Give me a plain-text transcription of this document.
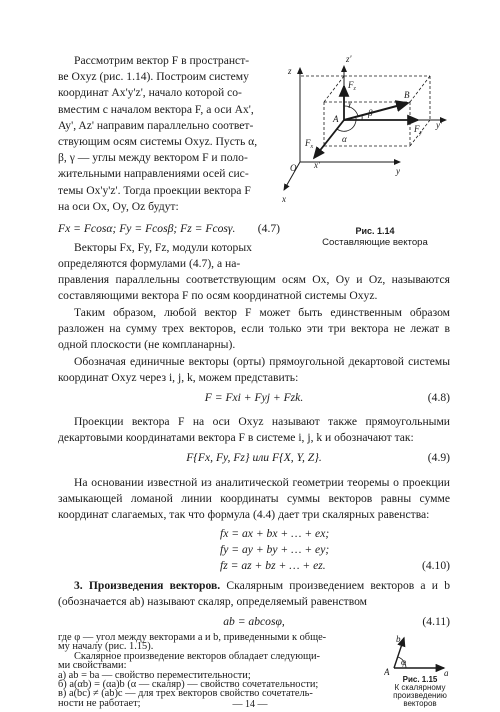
Рассмотрим вектор F в пространст-

ве Oxyz (рис. 1.14). Построим систему

координат Ax'y'z', начало которой со-

вместим с началом вектора F, а оси Ax',

Ay', Az' направим параллельно соответ-

ствующим осям системы Oxyz. Пусть α,

β, γ — углы между вектором F и поло-

жительными направлениями осей сис-

темы Ox'y'z'. Тогда проекции вектора F

на оси Ox, Oy, Oz будут:

Fx = Fcosα; Fy = Fcosβ; Fz = Fcosγ. (4.7)

Векторы Fx, Fy, Fz, модули которых

определяются формулами (4.7), а на-

z
z'
$F_z$
B
γ
β
$F_y$
y'
A
α
$F_x$
x'
O	y
x
Рис. 1.14
Составляющие вектора

правления параллельны соответствующим осям Ox, Oy и Oz, называются составляющими вектора F по осям координатной системы Oxyz.

Таким образом, любой вектор F может быть единственным образом разложен на сумму трех векторов, если только эти три вектора не лежат в одной плоскости (не компланарны).

Обозначая единичные векторы (орты) прямоугольной декартовой системы координат Oxyz через i, j, k, можем представить:

F = Fxi + Fyj + Fzk.	(4.8)

Проекции вектора F на оси Oxyz называют также прямоугольными декартовыми координатами вектора F в системе i, j, k и обозначают так:

F{Fx, Fy, Fz} или F{X, Y, Z}.	(4.9)

На основании известной из аналитической геометрии теоремы о проекции замыкающей ломаной линии координаты суммы векторов равны сумме координат слагаемых, так что формула (4.4) дает три скалярных равенства:

fx = ax + bx + … + ex;
fy = ay + by + … + ey;
fz = az + bz + … + ez.	(4.10)

3. Произведения векторов. Скалярным произведением векторов a и b (обозначается ab) называют скаляр, определяемый равенством

ab = abcosφ,	(4.11)

где φ — угол между векторами a и b, приведенными к обще-

му началу (рис. 1.15).

Скалярное произведение векторов обладает следующи-

ми свойствами:

а) ab = ba — свойство переместительности;

б) a(αb) = (αa)b (α — скаляр) — свойство сочетательности;

в) a(bc) ≠ (ab)c — для трех векторов свойство сочетатель-

ности не работает;

b
φ
A	a
Рис. 1.15
К скалярному произведению векторов
— 14 —
